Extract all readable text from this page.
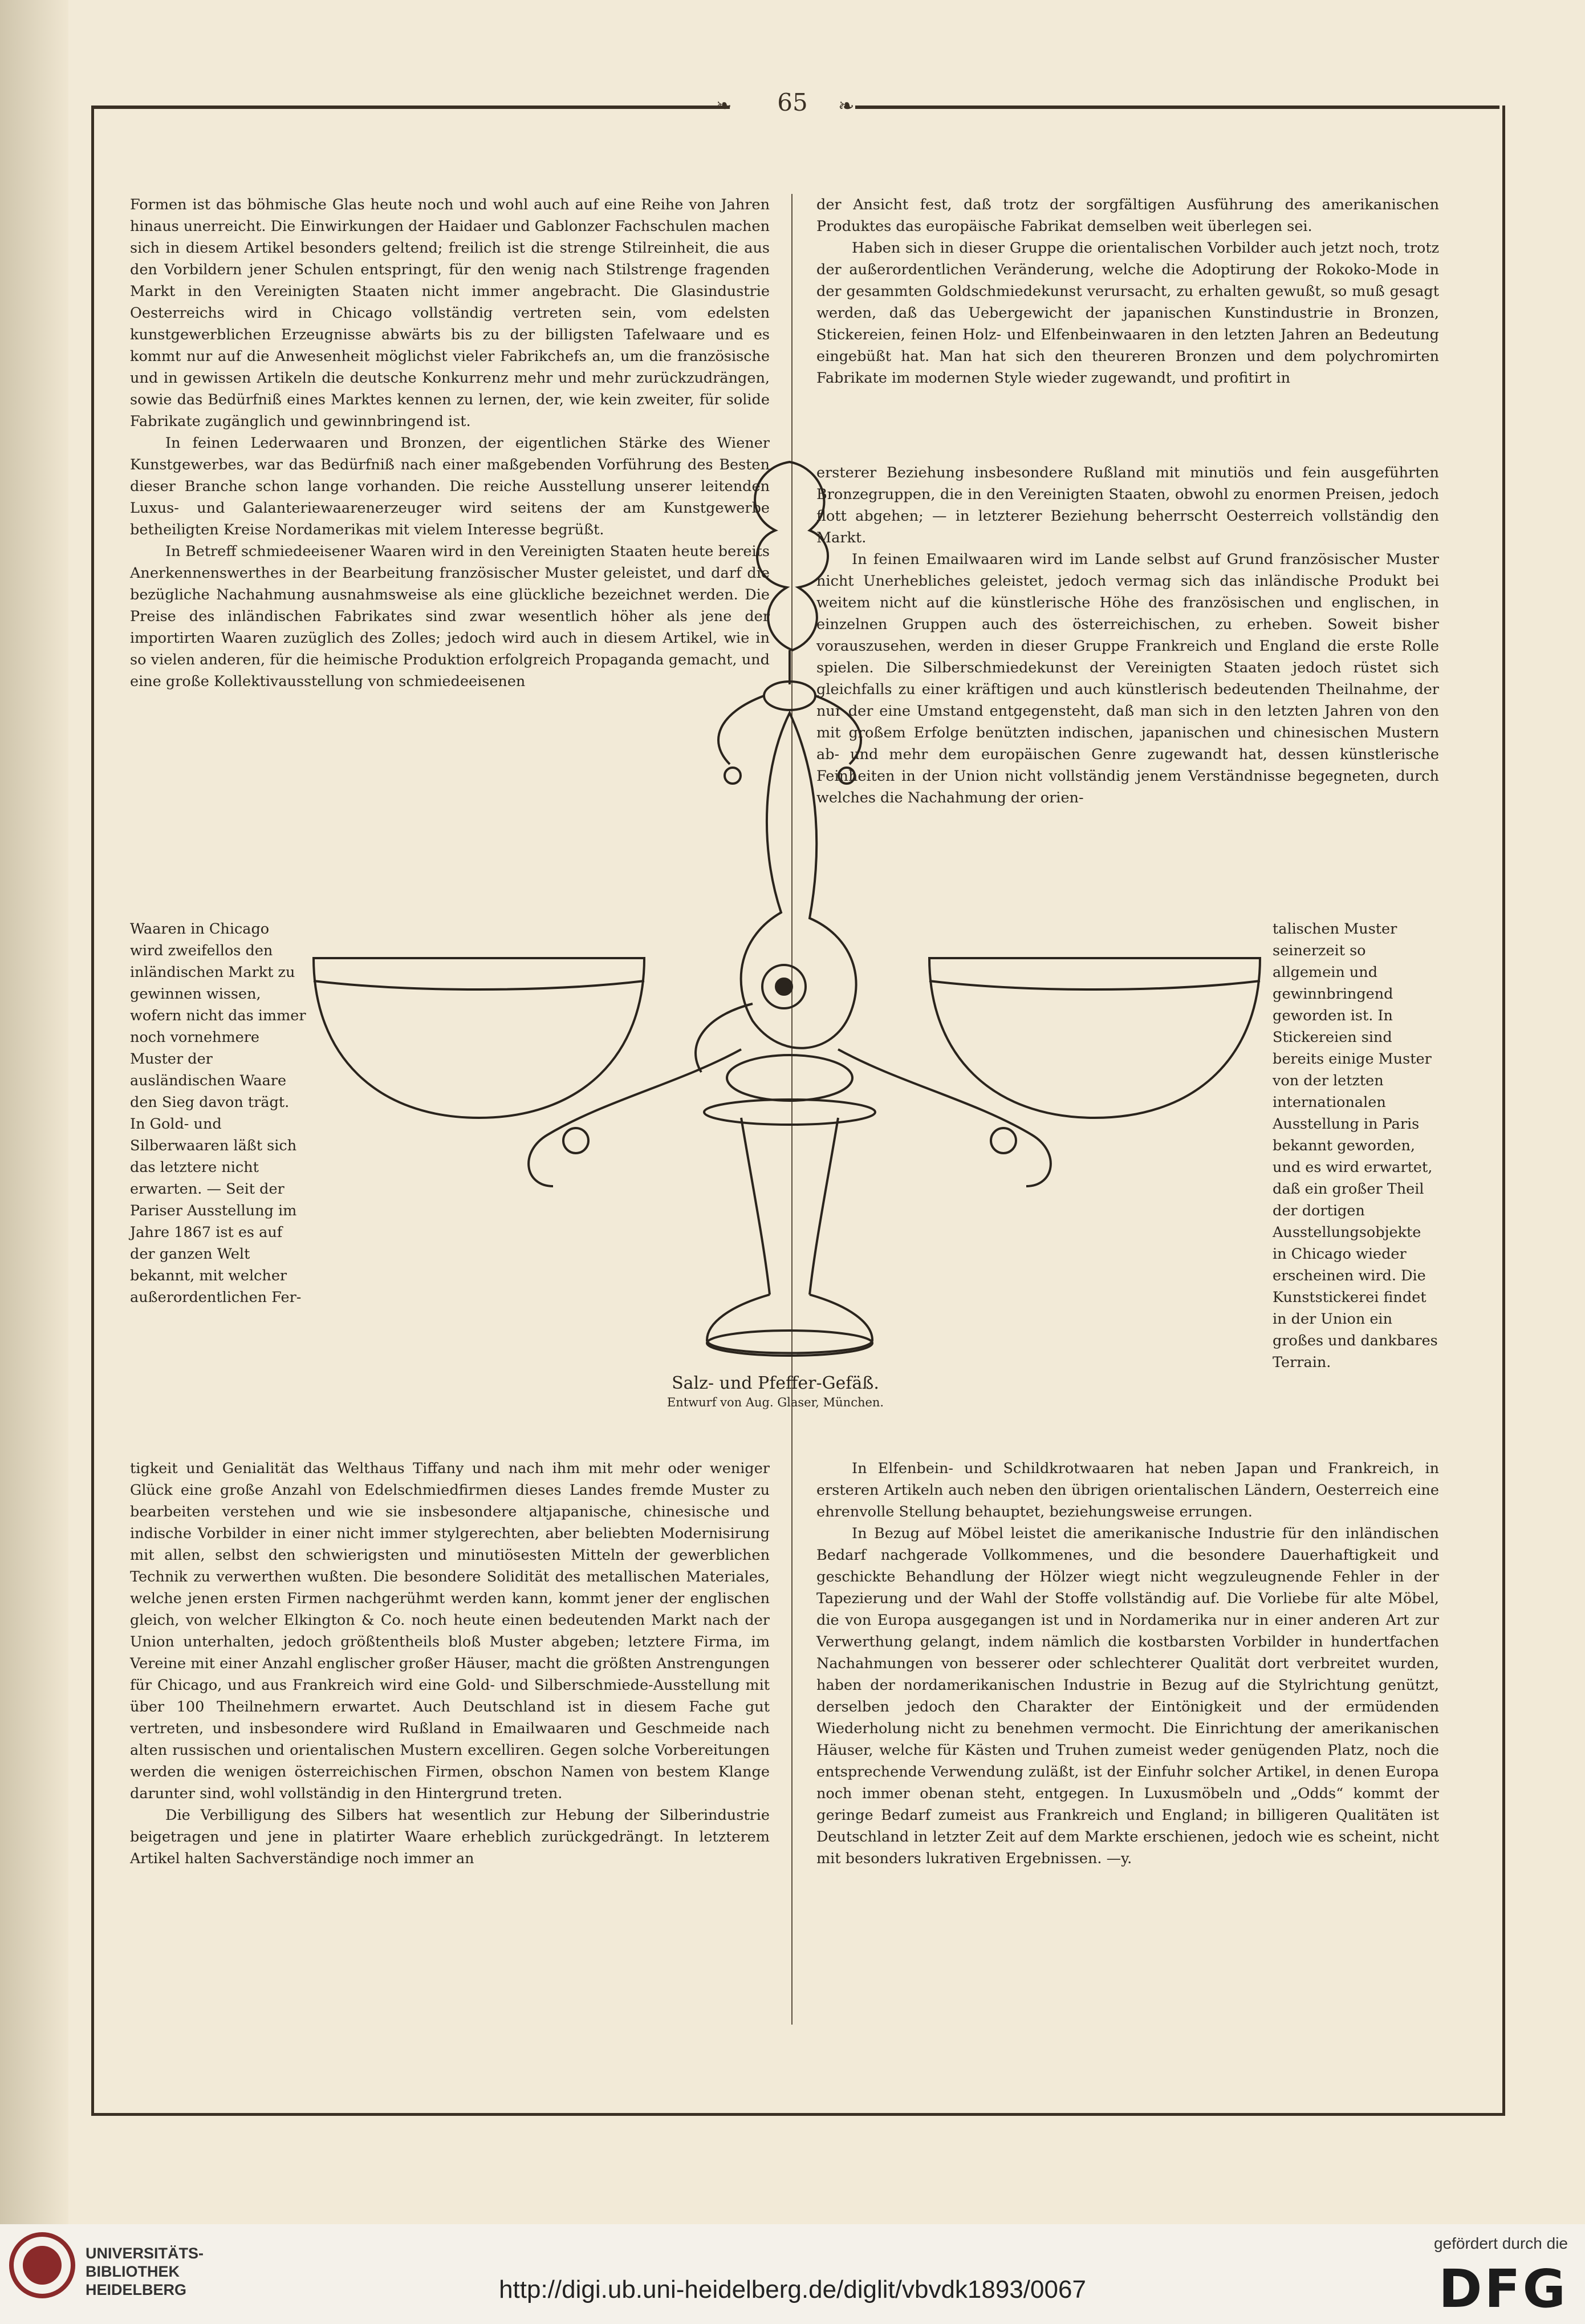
❧	❧
65

Formen ist das böhmische Glas heute noch und wohl auch auf eine Reihe von Jahren hinaus unerreicht. Die Einwirkungen der Haidaer und Gablonzer Fachschulen machen sich in diesem Artikel besonders geltend; freilich ist die strenge Stilreinheit, die aus den Vorbildern jener Schulen entspringt, für den wenig nach Stilstrenge fragenden Markt in den Vereinigten Staaten nicht immer angebracht. Die Glasindustrie Oesterreichs wird in Chicago vollständig vertreten sein, vom edelsten kunstgewerblichen Erzeugnisse abwärts bis zu der billigsten Tafelwaare und es kommt nur auf die Anwesenheit möglichst vieler Fabrikchefs an, um die französische und in gewissen Artikeln die deutsche Konkurrenz mehr und mehr zurückzudrängen, sowie das Bedürfniß eines Marktes kennen zu lernen, der, wie kein zweiter, für solide Fabrikate zugänglich und gewinnbringend ist.

In feinen Lederwaaren und Bronzen, der eigentlichen Stärke des Wiener Kunstgewerbes, war das Bedürfniß nach einer maßgebenden Vorführung des Besten dieser Branche schon lange vorhanden. Die reiche Ausstellung unserer leitenden Luxus- und Galanteriewaarenerzeuger wird seitens der am Kunstgewerbe betheiligten Kreise Nordamerikas mit vielem Interesse begrüßt.

In Betreff schmiedeeisener Waaren wird in den Vereinigten Staaten heute bereits Anerkennenswerthes in der Bearbeitung französischer Muster geleistet, und darf die bezügliche Nachahmung ausnahmsweise als eine glückliche bezeichnet werden. Die Preise des inländischen Fabrikates sind zwar wesentlich höher als jene der importirten Waaren zuzüglich des Zolles; jedoch wird auch in diesem Artikel, wie in so vielen anderen, für die heimische Produktion erfolgreich Propaganda gemacht, und eine große Kollektivausstellung von schmiedeeisenen

der Ansicht fest, daß trotz der sorgfältigen Ausführung des amerikanischen Produktes das europäische Fabrikat demselben weit überlegen sei.

Haben sich in dieser Gruppe die orientalischen Vorbilder auch jetzt noch, trotz der außerordentlichen Veränderung, welche die Adoptirung der Rokoko-Mode in der gesammten Goldschmiedekunst verursacht, zu erhalten gewußt, so muß gesagt werden, daß das Uebergewicht der japanischen Kunstindustrie in Bronzen, Stickereien, feinen Holz- und Elfenbeinwaaren in den letzten Jahren an Bedeutung eingebüßt hat. Man hat sich den theureren Bronzen und dem polychromirten Fabrikate im modernen Style wieder zugewandt, und profitirt in

ersterer Beziehung insbesondere Rußland mit minutiös und fein ausgeführten Bronzegruppen, die in den Vereinigten Staaten, obwohl zu enormen Preisen, jedoch flott abgehen; — in letzterer Beziehung beherrscht Oesterreich vollständig den Markt.

In feinen Emailwaaren wird im Lande selbst auf Grund französischer Muster nicht Unerhebliches geleistet, jedoch vermag sich das inländische Produkt bei weitem nicht auf die künstlerische Höhe des französischen und englischen, in einzelnen Gruppen auch des österreichischen, zu erheben. Soweit bisher vorauszusehen, werden in dieser Gruppe Frankreich und England die erste Rolle spielen. Die Silberschmiedekunst der Vereinigten Staaten jedoch rüstet sich gleichfalls zu einer kräftigen und auch künstlerisch bedeutenden Theilnahme, der nur der eine Umstand entgegensteht, daß man sich in den letzten Jahren von den mit großem Erfolge benützten indischen, japanischen und chinesischen Mustern ab- und mehr dem europäischen Genre zugewandt hat, dessen künstlerische Feinheiten in der Union nicht vollständig jenem Verständnisse begegneten, durch welches die Nachahmung der orien-

Waaren in Chicago wird zweifellos den inländischen Markt zu gewinnen wissen, wofern nicht das immer noch vornehmere Muster der ausländischen Waare den Sieg davon trägt. In Gold- und Silberwaaren läßt sich das letztere nicht erwarten. — Seit der Pariser Ausstellung im Jahre 1867 ist es auf der ganzen Welt bekannt, mit welcher außerordentlichen Fer-

talischen Muster seinerzeit so allgemein und gewinnbringend geworden ist. In Stickereien sind bereits einige Muster von der letzten internationalen Ausstellung in Paris bekannt geworden, und es wird erwartet, daß ein großer Theil der dortigen Ausstellungsobjekte in Chicago wieder erscheinen wird. Die Kunststickerei findet in der Union ein großes und dankbares Terrain.

Salz- und Pfeffer-Gefäß.
Entwurf von Aug. Glaser, München.

tigkeit und Genialität das Welthaus Tiffany und nach ihm mit mehr oder weniger Glück eine große Anzahl von Edelschmiedfirmen dieses Landes fremde Muster zu bearbeiten verstehen und wie sie insbesondere altjapanische, chinesische und indische Vorbilder in einer nicht immer stylgerechten, aber beliebten Modernisirung mit allen, selbst den schwierigsten und minutiösesten Mitteln der gewerblichen Technik zu verwerthen wußten. Die besondere Solidität des metallischen Materiales, welche jenen ersten Firmen nachgerühmt werden kann, kommt jener der englischen gleich, von welcher Elkington & Co. noch heute einen bedeutenden Markt nach der Union unterhalten, jedoch größtentheils bloß Muster abgeben; letztere Firma, im Vereine mit einer Anzahl englischer großer Häuser, macht die größten Anstrengungen für Chicago, und aus Frankreich wird eine Gold- und Silberschmiede-Ausstellung mit über 100 Theilnehmern erwartet. Auch Deutschland ist in diesem Fache gut vertreten, und insbesondere wird Rußland in Emailwaaren und Geschmeide nach alten russischen und orientalischen Mustern excelliren. Gegen solche Vorbereitungen werden die wenigen österreichischen Firmen, obschon Namen von bestem Klange darunter sind, wohl vollständig in den Hintergrund treten.

Die Verbilligung des Silbers hat wesentlich zur Hebung der Silberindustrie beigetragen und jene in platirter Waare erheblich zurückgedrängt. In letzterem Artikel halten Sachverständige noch immer an

In Elfenbein- und Schildkrotwaaren hat neben Japan und Frankreich, in ersteren Artikeln auch neben den übrigen orientalischen Ländern, Oesterreich eine ehrenvolle Stellung behauptet, beziehungsweise errungen.

In Bezug auf Möbel leistet die amerikanische Industrie für den inländischen Bedarf nachgerade Vollkommenes, und die besondere Dauerhaftigkeit und geschickte Behandlung der Hölzer wiegt nicht wegzuleugnende Fehler in der Tapezierung und der Wahl der Stoffe vollständig auf. Die Vorliebe für alte Möbel, die von Europa ausgegangen ist und in Nordamerika nur in einer anderen Art zur Verwerthung gelangt, indem nämlich die kostbarsten Vorbilder in hundertfachen Nachahmungen von besserer oder schlechterer Qualität dort verbreitet wurden, haben der nordamerikanischen Industrie in Bezug auf die Stylrichtung genützt, derselben jedoch den Charakter der Eintönigkeit und der ermüdenden Wiederholung nicht zu benehmen vermocht. Die Einrichtung der amerikanischen Häuser, welche für Kästen und Truhen zumeist weder genügenden Platz, noch die entsprechende Verwendung zuläßt, ist der Einfuhr solcher Artikel, in denen Europa noch immer obenan steht, entgegen. In Luxusmöbeln und „Odds“ kommt der geringe Bedarf zumeist aus Frankreich und England; in billigeren Qualitäten ist Deutschland in letzter Zeit auf dem Markte erschienen, jedoch wie es scheint, nicht mit besonders lukrativen Ergebnissen. —y.

UNIVERSITÄTS-
BIBLIOTHEK
HEIDELBERG	http://digi.ub.uni-heidelberg.de/diglit/vbvdk1893/0067
gefördert durch die
DFG
